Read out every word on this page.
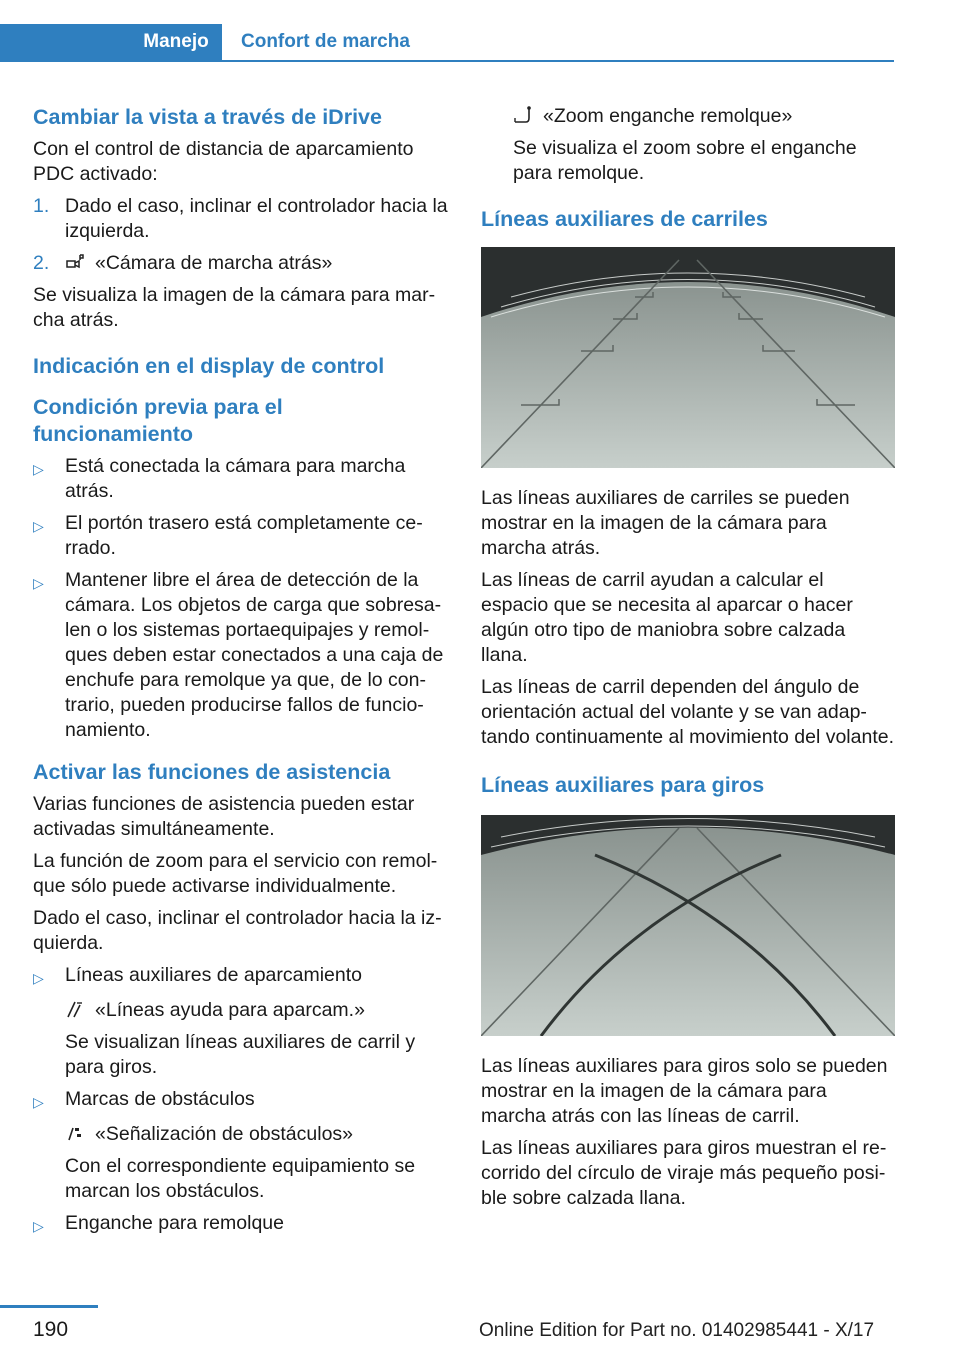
Manejo	Confort de marcha
Cambiar la vista a través de iDrive

Con el control de distancia de aparcamiento PDC activado:

1. Dado el caso, inclinar el controlador hacia la izquierda.
2.	«Cámara de marcha atrás»

Se visualiza la imagen de la cámara para marcha atrás.

Indicación en el display de control
Condición previa para el funcionamiento
▷	Está conectada la cámara para marcha atrás.
▷	El portón trasero está completamente cerrado.
▷	Mantener libre el área de detección de la cámara. Los objetos de carga que sobresalen o los sistemas portaequipajes y remolques deben estar conectados a una caja de enchufe para remolque ya que, de lo contrario, pueden producirse fallos de funcionamiento.
Activar las funciones de asistencia

Varias funciones de asistencia pueden estar activadas simultáneamente.

La función de zoom para el servicio con remolque sólo puede activarse individualmente.

Dado el caso, inclinar el controlador hacia la izquierda.

▷	Líneas auxiliares de aparcamiento
«Líneas ayuda para aparcam.»
Se visualizan líneas auxiliares de carril y para giros.
▷	Marcas de obstáculos
«Señalización de obstáculos»
Con el correspondiente equipamiento se marcan los obstáculos.
▷	Enganche para remolque
«Zoom enganche remolque»
Se visualiza el zoom sobre el enganche para remolque.
Líneas auxiliares de carriles

Las líneas auxiliares de carriles se pueden mostrar en la imagen de la cámara para marcha atrás.

Las líneas de carril ayudan a calcular el espacio que se necesita al aparcar o hacer algún otro tipo de maniobra sobre calzada llana.

Las líneas de carril dependen del ángulo de orientación actual del volante y se van adaptando continuamente al movimiento del volante.

Líneas auxiliares para giros

Las líneas auxiliares para giros solo se pueden mostrar en la imagen de la cámara para marcha atrás con las líneas de carril.

Las líneas auxiliares para giros muestran el recorrido del círculo de viraje más pequeño posible sobre calzada llana.

190	Online Edition for Part no. 01402985441 - X/17
